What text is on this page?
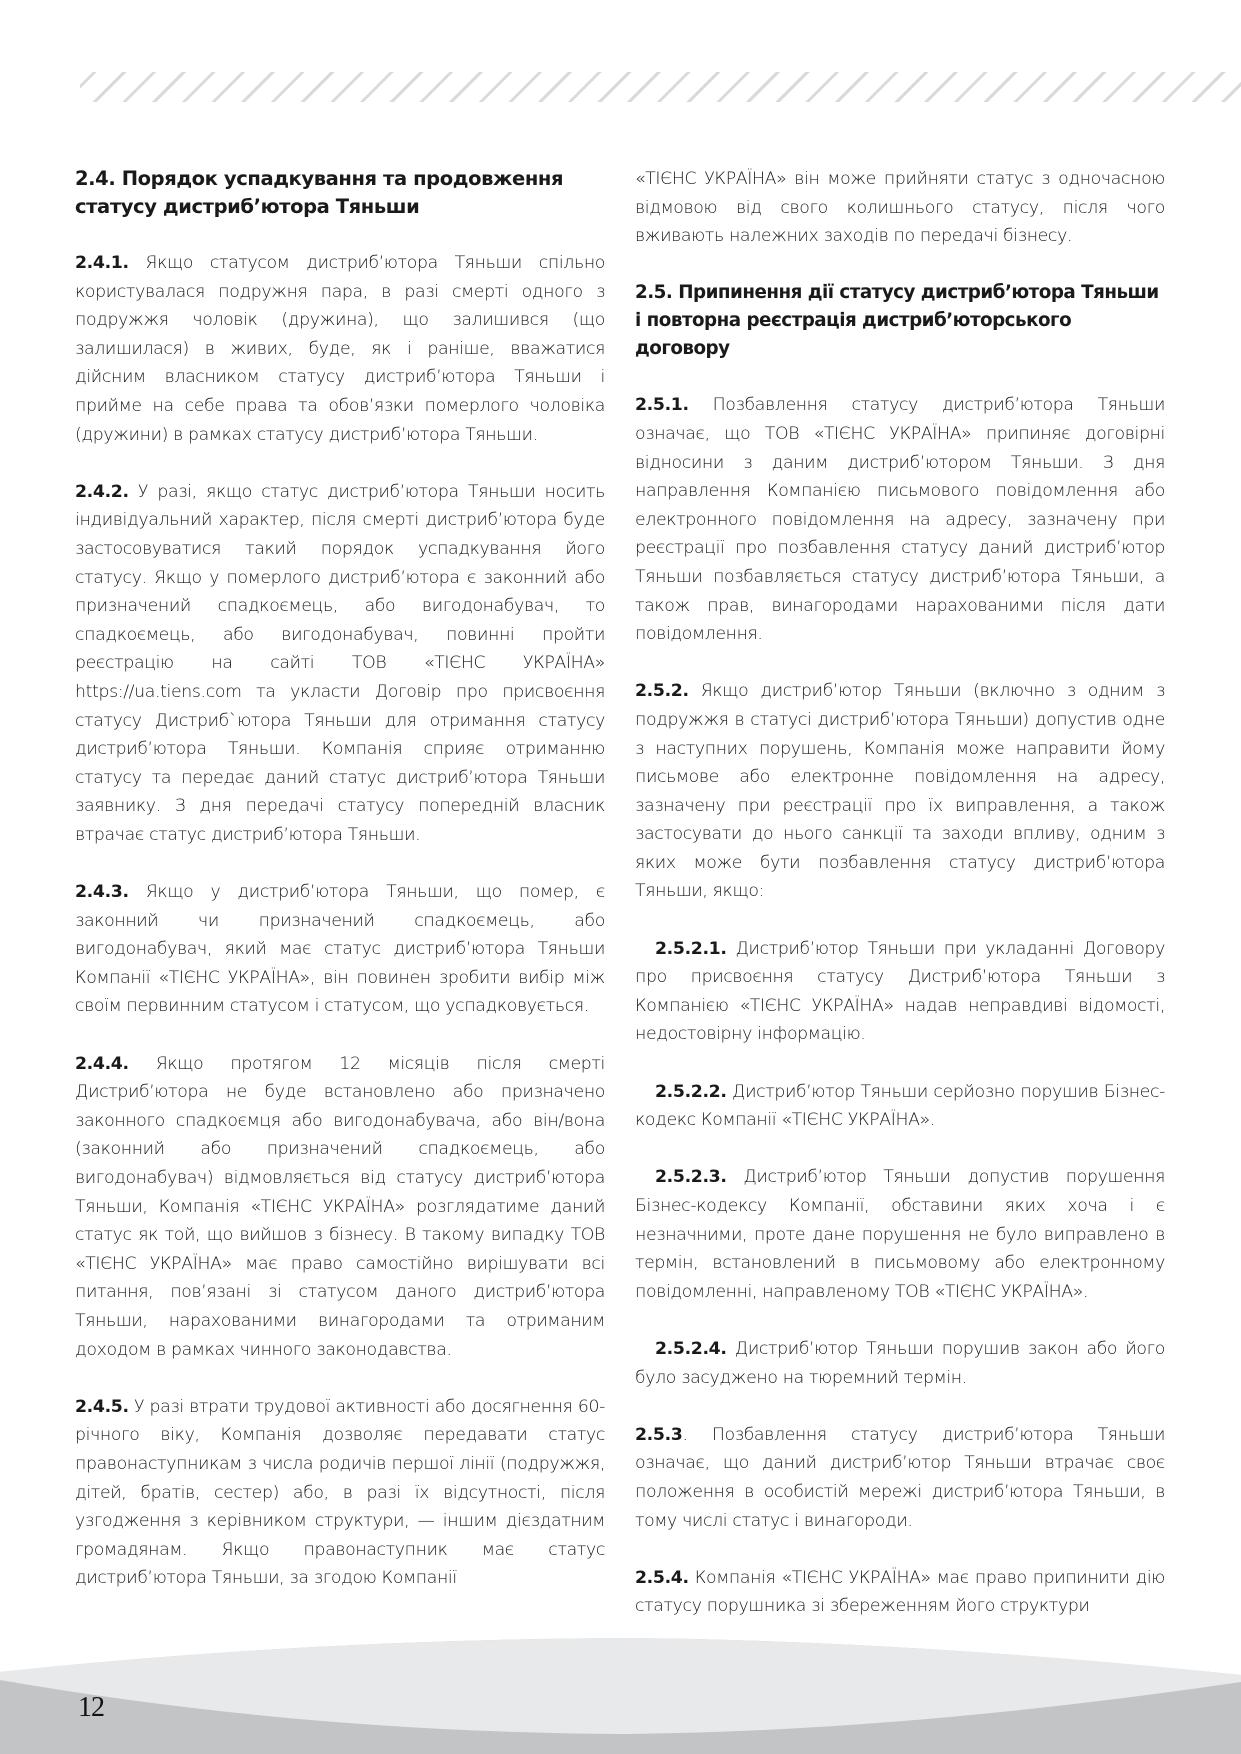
2.4. Порядок успадкування та продовження статусу дистриб’ютора Тяньши

2.4.1. Якщо статусом дистриб’ютора Тяньши спільно користувалася подружня пара, в разі смерті одного з подружжя чоловік (дружина), що залишився (що залишилася) в живих, буде, як і раніше, вважатися дійсним власником статусу дистриб’ютора Тяньши і прийме на себе права та обов’язки померлого чоловіка (дружини) в рамках статусу дистриб’ютора Тяньши.

2.4.2. У разі, якщо статус дистриб’ютора Тяньши носить індивідуальний характер, після смерті дистриб’ютора буде застосовуватися такий порядок успадкування його статусу. Якщо у померлого дистриб’ютора є законний або призначений спадкоємець, або вигодонабувач, то спадкоємець, або вигодонабувач, повинні пройти реєстрацію на сайті ТОВ «ТІЄНС УКРАЇНА» https://ua.tiens.com та укласти Договір про присвоєння статусу Дистриб`ютора Тяньши для отримання статусу дистриб’ютора Тяньши. Компанія сприяє отриманню статусу та передає даний статус дистриб’ютора Тяньши заявнику. З дня передачі статусу попередній власник втрачає статус дистриб’ютора Тяньши.

2.4.3. Якщо у дистриб’ютора Тяньши, що помер, є законний чи призначений спадкоємець, або вигодонабувач, який має статус дистриб’ютора Тяньши Компанії «ТІЄНС УКРАЇНА», він повинен зробити вибір між своїм первинним статусом і статусом, що успадковується.

2.4.4. Якщо протягом 12 місяців після смерті Дистриб’ютора не буде встановлено або призначено законного спадкоємця або вигодонабувача, або він/вона (законний або призначений спадкоємець, або вигодонабувач) відмовляється від статусу дистриб’ютора Тяньши, Компанія «ТІЄНС УКРАЇНА» розглядатиме даний статус як той, що вийшов з бізнесу. В такому випадку ТОВ «ТІЄНС УКРАЇНА» має право самостійно вирішувати всі питання, пов’язані зі статусом даного дистриб’ютора Тяньши, нарахованими винагородами та отриманим доходом в рамках чинного законодавства.

2.4.5. У разі втрати трудової активності або досягнення 60-річного віку, Компанія дозволяє передавати статус правонаступникам з числа родичів першої лінії (подружжя, дітей, братів, сестер) або, в разі їх відсутності, після узгодження з керівником структури, — іншим дієздатним громадянам. Якщо правонаступник має статус дистриб’ютора Тяньши, за згодою Компанії

«ТІЄНС УКРАЇНА» він може прийняти статус з одночасною відмовою від свого колишнього статусу, після чого вживають належних заходів по передачі бізнесу.

2.5. Припинення дії статусу дистриб’ютора Тяньши і повторна реєстрація дистриб’юторського договору

2.5.1. Позбавлення статусу дистриб’ютора Тяньши означає, що ТОВ «ТІЄНС УКРАЇНА» припиняє договірні відносини з даним дистриб’ютором Тяньши. З дня направлення Компанією письмового повідомлення або електронного повідомлення на адресу, зазначену при реєстрації про позбавлення статусу даний дистриб’ютор Тяньши позбавляється статусу дистриб’ютора Тяньши, а також прав, винагородами нарахованими після дати повідомлення.

2.5.2. Якщо дистриб’ютор Тяньши (включно з одним з подружжя в статусі дистриб’ютора Тяньши) допустив одне з наступних порушень, Компанія може направити йому письмове або електронне повідомлення на адресу, зазначену при реєстрації про їх виправлення, а також застосувати до нього санкції та заходи впливу, одним з яких може бути позбавлення статусу дистриб’ютора Тяньши, якщо:

2.5.2.1. Дистриб’ютор Тяньши при укладанні Договору про присвоєння статусу Дистриб’ютора Тяньши з Компанією «ТІЄНС УКРАЇНА» надав неправдиві відомості, недостовірну інформацію.

2.5.2.2. Дистриб’ютор Тяньши серйозно порушив Бізнес-кодекс Компанії «ТІЄНС УКРАЇНА».

2.5.2.3. Дистриб’ютор Тяньши допустив порушення Бізнес-кодексу Компанії, обставини яких хоча і є незначними, проте дане порушення не було виправлено в термін, встановлений в письмовому або електронному повідомленні, направленому ТОВ «ТІЄНС УКРАЇНА».

2.5.2.4. Дистриб’ютор Тяньши порушив закон або його було засуджено на тюремний термін.

2.5.3. Позбавлення статусу дистриб’ютора Тяньши означає, що даний дистриб’ютор Тяньши втрачає своє положення в особистій мережі дистриб’ютора Тяньши, в тому числі статус і винагороди.

2.5.4. Компанія «ТІЄНС УКРАЇНА» має право припинити дію статусу порушника зі збереженням його структури

12
